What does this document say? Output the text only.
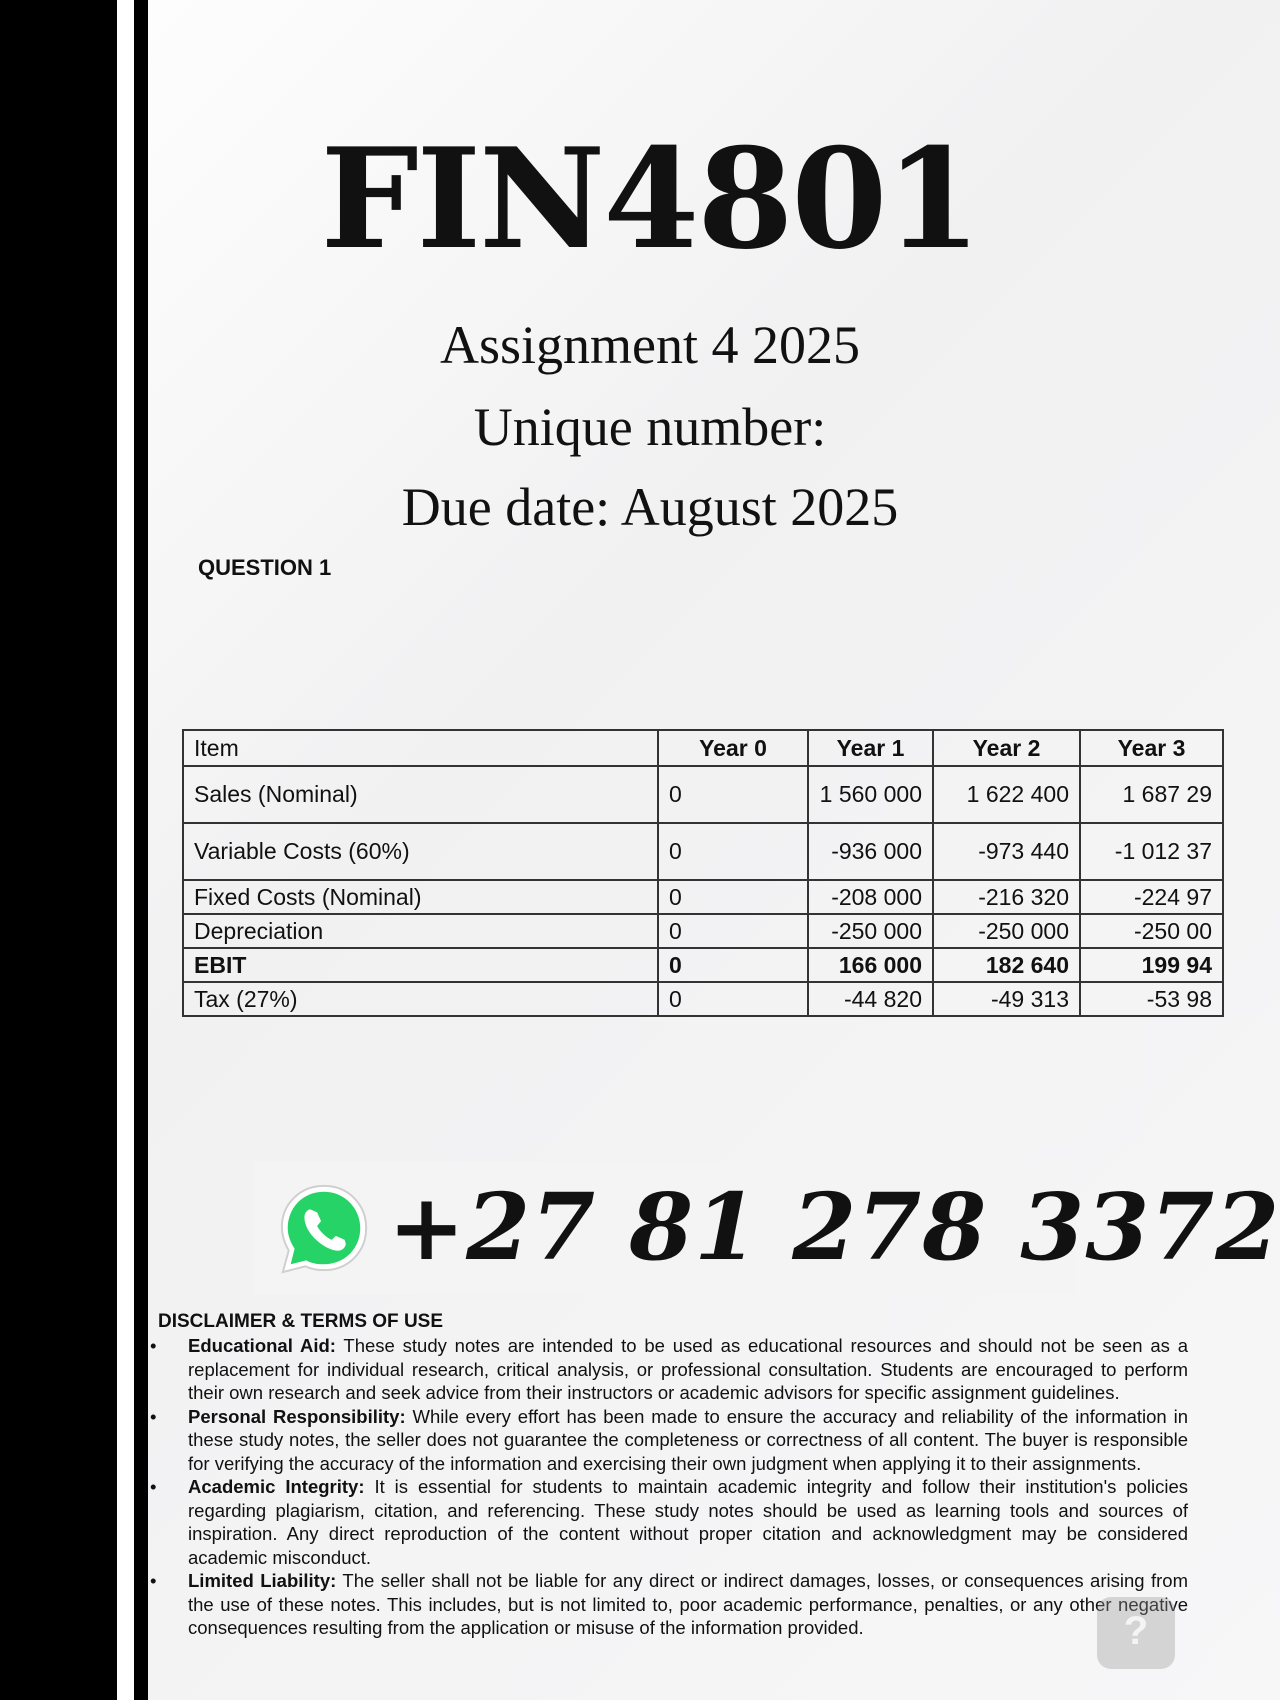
FIN4801
Assignment 4 2025
Unique number:
Due date: August 2025
QUESTION 1
Item	Year 0	Year 1	Year 2	Year 3
Sales (Nominal)	0	1 560 000	1 622 400	1 687 29
Variable Costs (60%)	0	-936 000	-973 440	-1 012 37
Fixed Costs (Nominal)	0	-208 000	-216 320	-224 97
Depreciation	0	-250 000	-250 000	-250 00
EBIT	0	166 000	182 640	199 94
Tax (27%)	0	-44 820	-49 313	-53 98
+27 81 278 3372
DISCLAIMER & TERMS OF USE
• Educational Aid: These study notes are intended to be used as educational resources and should not be seen as a replacement for individual research, critical analysis, or professional consultation. Students are encouraged to perform their own research and seek advice from their instructors or academic advisors for specific assignment guidelines.
• Personal Responsibility: While every effort has been made to ensure the accuracy and reliability of the information in these study notes, the seller does not guarantee the completeness or correctness of all content. The buyer is responsible for verifying the accuracy of the information and exercising their own judgment when applying it to their assignments.
• Academic Integrity: It is essential for students to maintain academic integrity and follow their institution's policies regarding plagiarism, citation, and referencing. These study notes should be used as learning tools and sources of inspiration. Any direct reproduction of the content without proper citation and acknowledgment may be considered academic misconduct.
• Limited Liability: The seller shall not be liable for any direct or indirect damages, losses, or consequences arising from the use of these notes. This includes, but is not limited to, poor academic performance, penalties, or any other negative consequences resulting from the application or misuse of the information provided.	?
